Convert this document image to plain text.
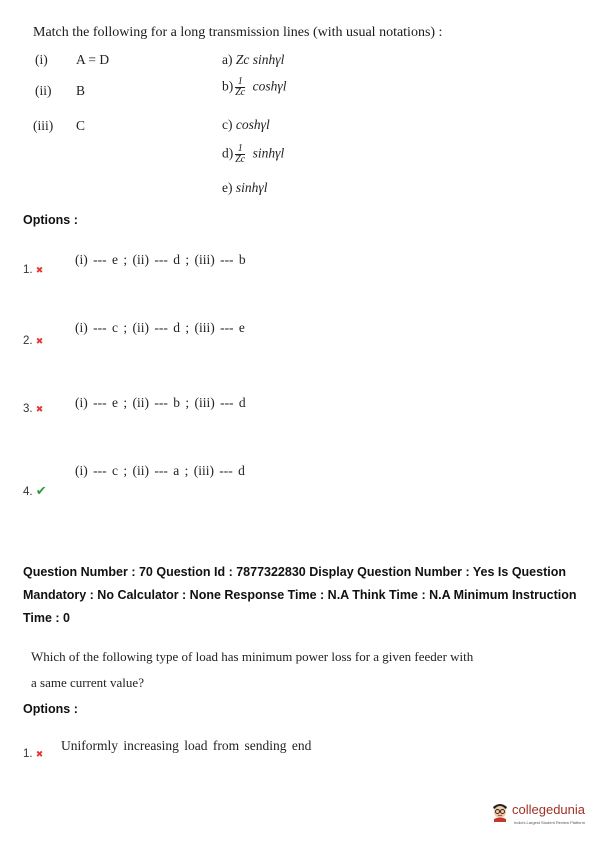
Match the following for a long transmission lines (with usual notations) :
(i) A = D
(ii) B
(iii) C
a) Zc sinhγl
$b) \frac{1}{Zc}$ coshγl
c) coshγl
$d) \frac{1}{Zc}$ sinhγl
e) sinhγl
Options :
(i) --- e ; (ii) --- d ; (iii) --- b
1. ✖
(i) --- c ; (ii) --- d ; (iii) --- e
2. ✖
(i) --- e ; (ii) --- b ; (iii) --- d
3. ✖
(i) --- c ; (ii) --- a ; (iii) --- d
4. ✔
Question Number : 70 Question Id : 7877322830 Display Question Number : Yes Is Question
Mandatory : No Calculator : None Response Time : N.A Think Time : N.A Minimum Instruction
Time : 0
Which of the following type of load has minimum power loss for a given feeder with
a same current value?
Options :
Uniformly increasing load from sending end
1. ✖
collegedunia
India's Largest Student Review Platform
